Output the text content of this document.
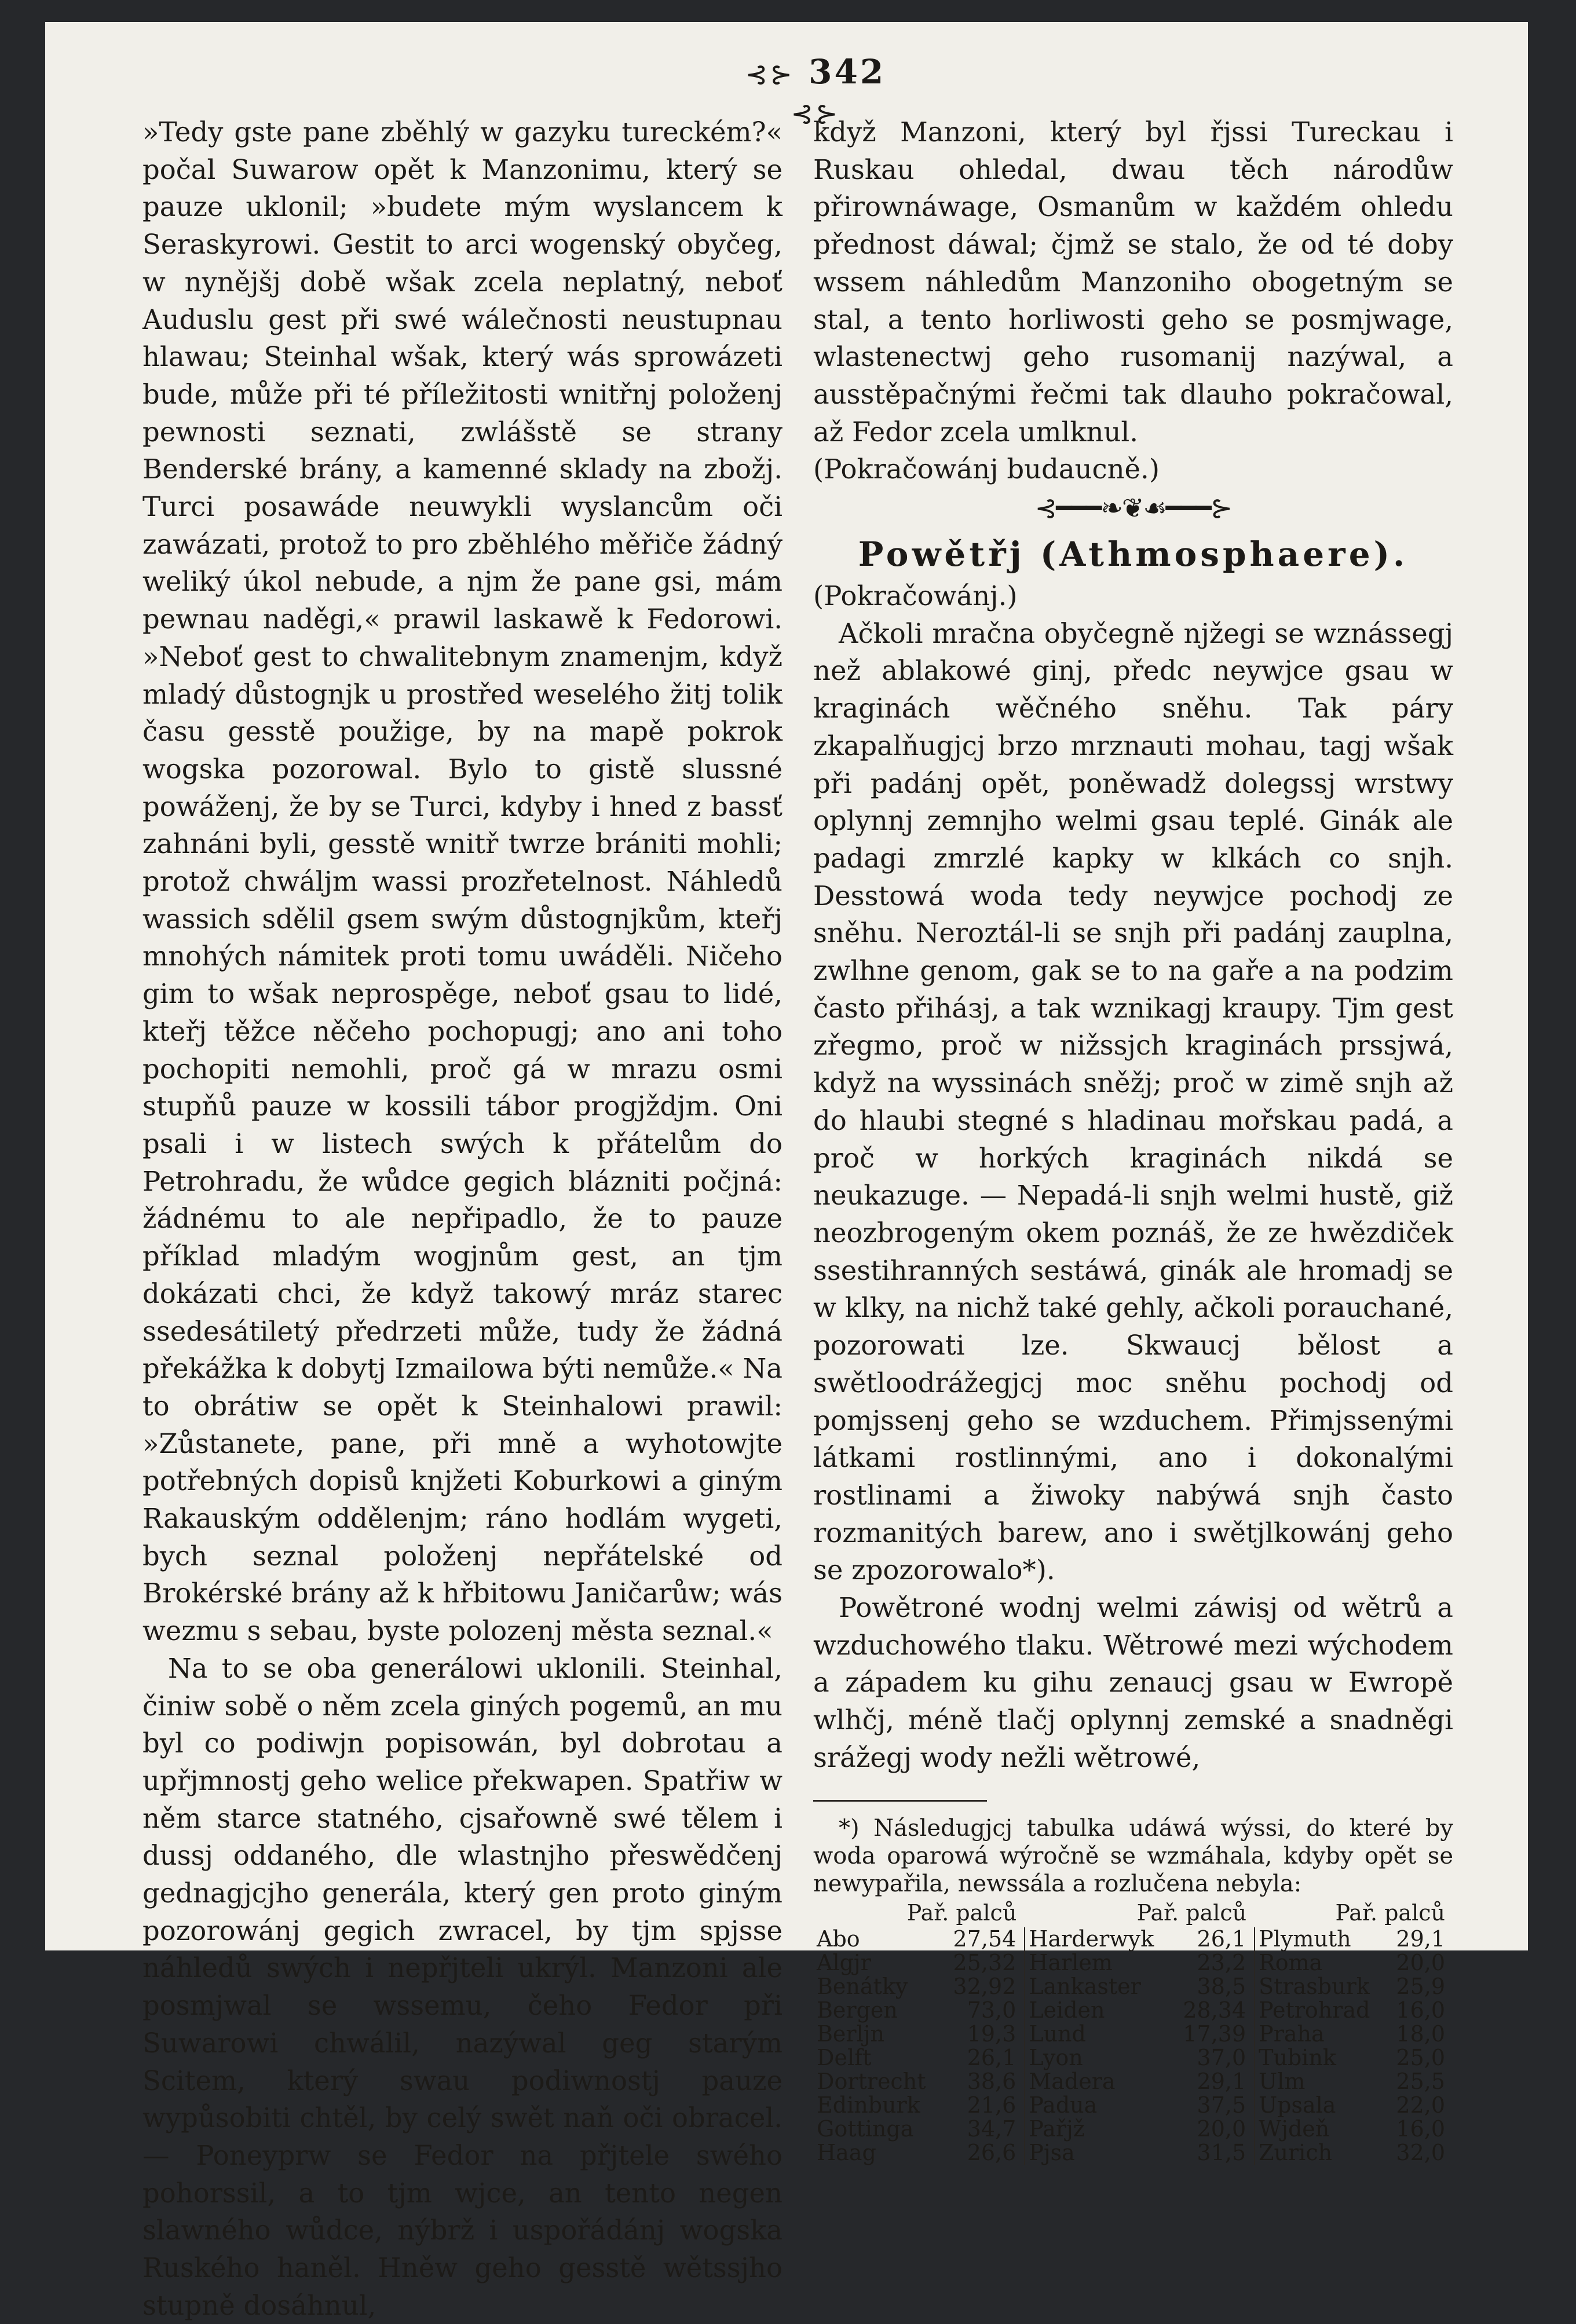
⊰⊱ 342 ⊰⊱

»Tedy gste pane zběhlý w gazyku tureckém?« počal Suwarow opět k Manzonimu, který se pauze uklonil; »budete mým wyslancem k Seraskyrowi. Gestit to arci wogenský obyčeg, w nynějšj době wšak zcela neplatný, neboť Auduslu gest při swé wálečnosti neustupnau hlawau; Steinhal wšak, který wás sprowázeti bude, může při té příležitosti wnitřnj položenj pewnosti seznati, zwlášstě se strany Benderské brány, a kamenné sklady na zbožj. Turci posawáde neuwykli wyslancům oči zawázati, protož to pro zběhlého měřiče žádný weliký úkol nebude, a njm že pane gsi, mám pewnau naděgi,« prawil laskawě k Fedorowi. »Neboť gest to chwalitebnym znamenjm, když mladý důstognjk u prostřed weselého žitj tolik času gesstě použige, by na mapě pokrok wogska pozorowal. Bylo to gistě slussné powáženj, že by se Turci, kdyby i hned z bassť zahnáni byli, gesstě wnitř twrze brániti mohli; protož chwáljm wassi prozřetelnost. Náhledů wassich sdělil gsem swým důstognjkům, kteřj mnohých námitek proti tomu uwáděli. Ničeho gim to wšak neprospěge, neboť gsau to lidé, kteřj těžce něčeho pochopugj; ano ani toho pochopiti nemohli, proč gá w mrazu osmi stupňů pauze w kossili tábor progjždjm. Oni psali i w listech swých k přátelům do Petrohradu, že wůdce gegich blázniti počjná: žádnému to ale nepřipadlo, že to pauze příklad mladým wogjnům gest, an tjm dokázati chci, že když takowý mráz starec ssedesátiletý předrzeti může, tudy že žádná překážka k dobytj Izmailowa býti nemůže.« Na to obrátiw se opět k Steinhalowi prawil: »Zůstanete, pane, při mně a wyhotowjte potřebných dopisů knjžeti Koburkowi a giným Rakauským oddělenjm; ráno hodlám wygeti, bych seznal položenj nepřátelské od Brokérské brány až k hřbitowu Janičarůw; wás wezmu s sebau, byste polozenj města seznal.«

Na to se oba generálowi uklonili. Steinhal, činiw sobě o něm zcela giných pogemů, an mu byl co podiwjn popisowán, byl dobrotau a upřjmnostj geho welice překwapen. Spatřiw w něm starce statného, cjsařowně swé tělem i dussj oddaného, dle wlastnjho přeswědčenj gednagjcjho generála, který gen proto giným pozorowánj gegich zwracel, by tjm spjsse náhledů swých i nepřjteli ukrýl. Manzoni ale posmjwal se wssemu, čeho Fedor při Suwarowi chwálil, nazýwal geg starým Scitem, který swau podiwnostj pauze wypůsobiti chtěl, by celý swět naň oči obracel. — Poneyprw se Fedor na přjtele swého pohorssil, a to tjm wjce, an tento negen slawného wůdce, nýbrž i uspořádánj wogska Ruského haněl. Hněw geho gesstě wětssjho stupně dosáhnul,

když Manzoni, který byl řjssi Tureckau i Ruskau ohledal, dwau těch národůw přirownáwage, Osmanům w každém ohledu přednost dáwal; čjmž se stalo, že od té doby wssem náhledům Manzoniho obogetným se stal, a tento horliwosti geho se posmjwage, wlastenectwj geho rusomanij nazýwal, a ausstěpačnými řečmi tak dlauho pokračowal, až Fedor zcela umlknul.

(Pokračowánj budaucně.)

⊰━━━❧❦☙━━━⊱
Powětřj (Athmosphaere).

(Pokračowánj.)

Ačkoli mračna obyčegně njžegi se wznássegj než ablakowé ginj, předc neywjce gsau w kraginách wěčného sněhu. Tak páry zkapalňugjcj brzo mrznauti mohau, tagj wšak při padánj opět, poněwadž dolegssj wrstwy oplynnj zemnjho welmi gsau teplé. Ginák ale padagi zmrzlé kapky w klkách co snjh. Desstowá woda tedy neywjce pochodj ze sněhu. Neroztál-li se snjh při padánj zauplna, zwlhne genom, gak se to na gaře a na podzim často přiháзj, a tak wznikagj kraupy. Tjm gest zřegmo, proč w nižssjch kraginách prssjwá, když na wyssinách sněžj; proč w zimě snjh až do hlaubi stegné s hladinau mořskau padá, a proč w horkých kraginách nikdá se neukazuge. — Nepadá-li snjh welmi hustě, giž neozbrogeným okem poznáš, že ze hwězdiček ssestihranných sestáwá, ginák ale hromadj se w klky, na nichž také gehly, ačkoli porauchané, pozorowati lze. Skwaucj bělost a swětloodrážegjcj moc sněhu pochodj od pomjssenj geho se wzduchem. Přimjssenými látkami rostlinnými, ano i dokonalými rostlinami a žiwoky nabýwá snjh často rozmanitých barew, ano i swětjlkowánj geho se zpozorowalo*).

Powětroné wodnj welmi záwisj od wětrů a wzduchowého tlaku. Wětrowé mezi wýchodem a západem ku gihu zenaucj gsau w Ewropě wlhčj, méně tlačj oplynnj zemské a snadněgi srážegj wody nežli wětrowé,

*) Následugjcj tabulka udáwá wýssi, do které by woda oparowá wýročně se wzmáhala, kdyby opět se newypařila, newssála a rozlučena nebyla:

Pař. palců		Pař. palců		Pař. palců	
Abo	27,54	Harderwyk	26,1	Plymuth	29,1
Algjr	25,32	Harlem	23,2	Roma	20,0
Benátky	32,92	Lankaster	38,5	Strasburk	25,9
Bergen	73,0	Leiden	28,34	Petrohrad	16,0
Berljn	19,3	Lund	17,39	Praha	18,0
Delft	26,1	Lyon	37,0	Tubink	25,0
Dortrecht	38,6	Madera	29,1	Ulm	25,5
Edinburk	21,6	Padua	37,5	Upsala	22,0
Gottinga	34,7	Pařjž	20,0	Wjdeň	16,0
Haag	26,6	Pjsa	31,5	Zurich	32,0
